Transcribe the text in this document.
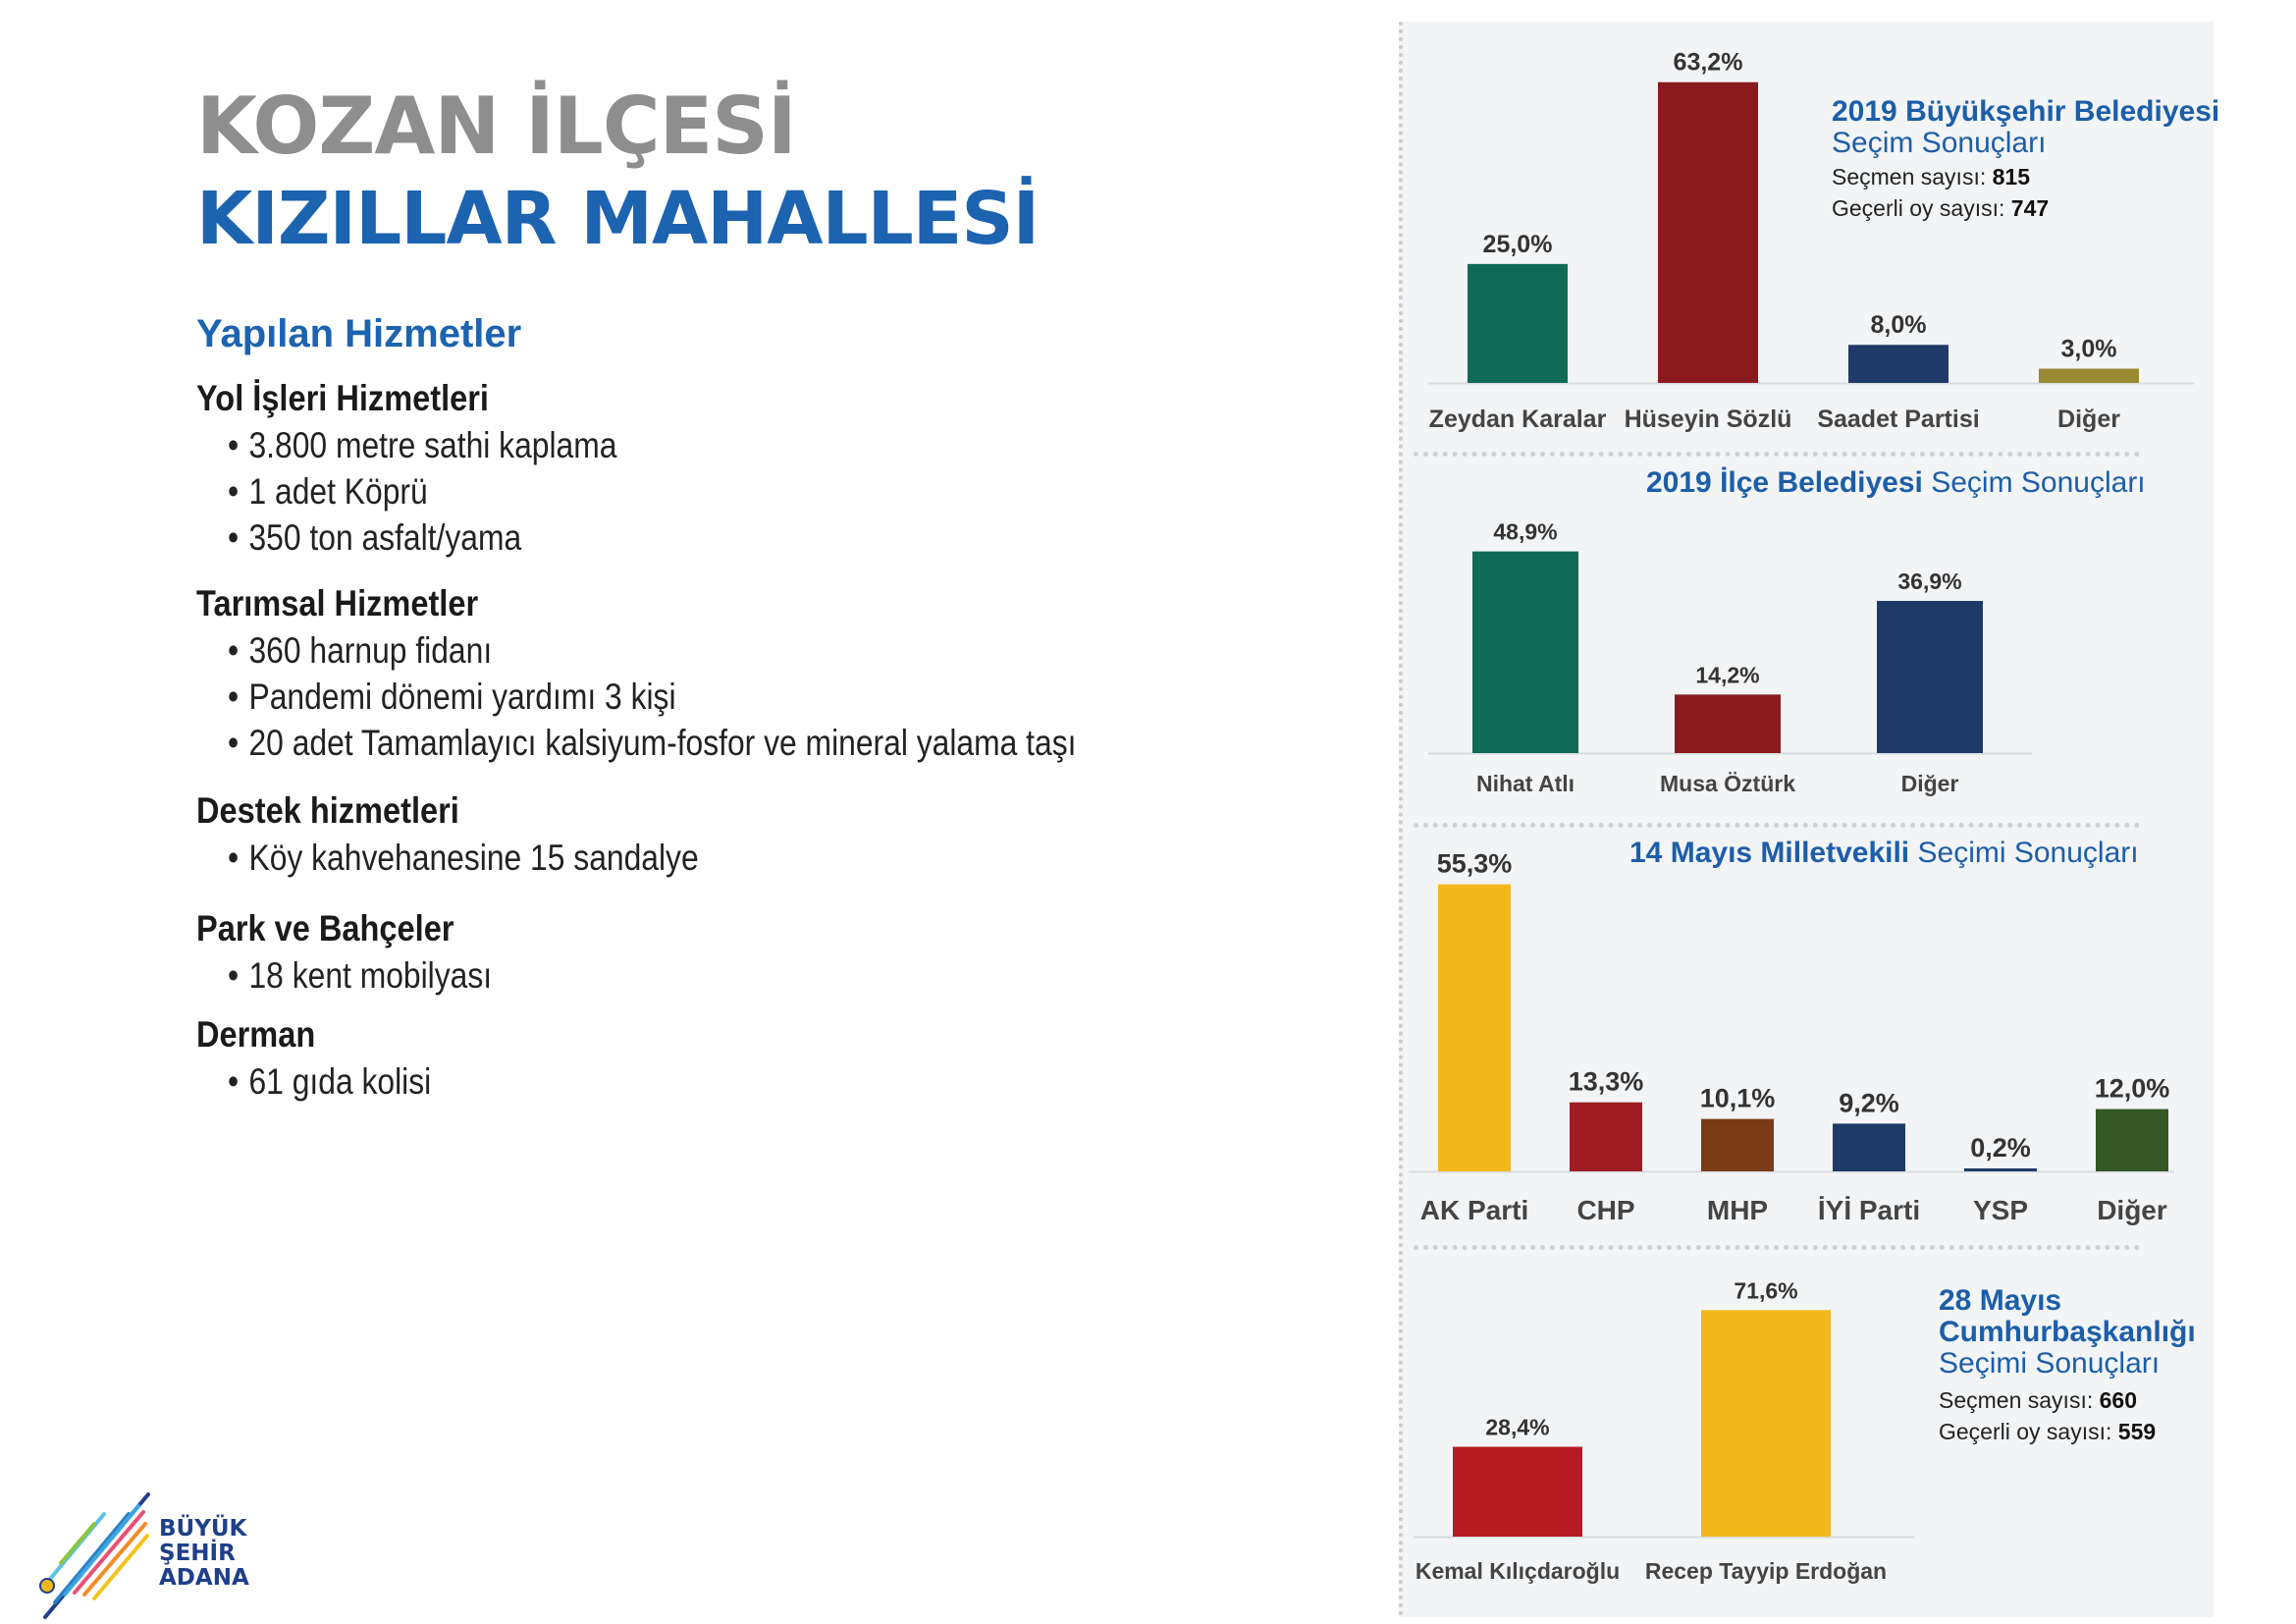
KOZAN İLÇESİ
KIZILLAR MAHALLESİ
Yapılan Hizmetler
Yol İşleri Hizmetleri
• 3.800 metre sathi kaplama
• 1 adet Köprü
• 350 ton asfalt/yama
Tarımsal Hizmetler
• 360 harnup fidanı
• Pandemi dönemi yardımı 3 kişi
• 20 adet Tamamlayıcı kalsiyum-fosfor ve mineral yalama taşı
Destek hizmetleri
• Köy kahvehanesine 15 sandalye
Park ve Bahçeler
• 18 kent mobilyası
Derman
• 61 gıda kolisi
25,0%
Zeydan Karalar
63,2%
Hüseyin Sözlü
8,0%
Saadet Partisi
3,0%
Diğer
2019 Büyükşehir Belediyesi
Seçim Sonuçları
Seçmen sayısı: 815
Geçerli oy sayısı: 747
2019 İlçe Belediyesi Seçim Sonuçları
48,9%
Nihat Atlı
14,2%
Musa Öztürk
36,9%
Diğer
14 Mayıs Milletvekili Seçimi Sonuçları
55,3%
AK Parti
13,3%
CHP
10,1%
MHP
9,2%
İYİ Parti
0,2%
YSP
12,0%
Diğer
28 Mayıs
Cumhurbaşkanlığı
Seçimi Sonuçları
Seçmen sayısı: 660
Geçerli oy sayısı: 559
28,4%
Kemal Kılıçdaroğlu
71,6%
Recep Tayyip Erdoğan
BÜYÜK
ŞEHİR
ADANA
